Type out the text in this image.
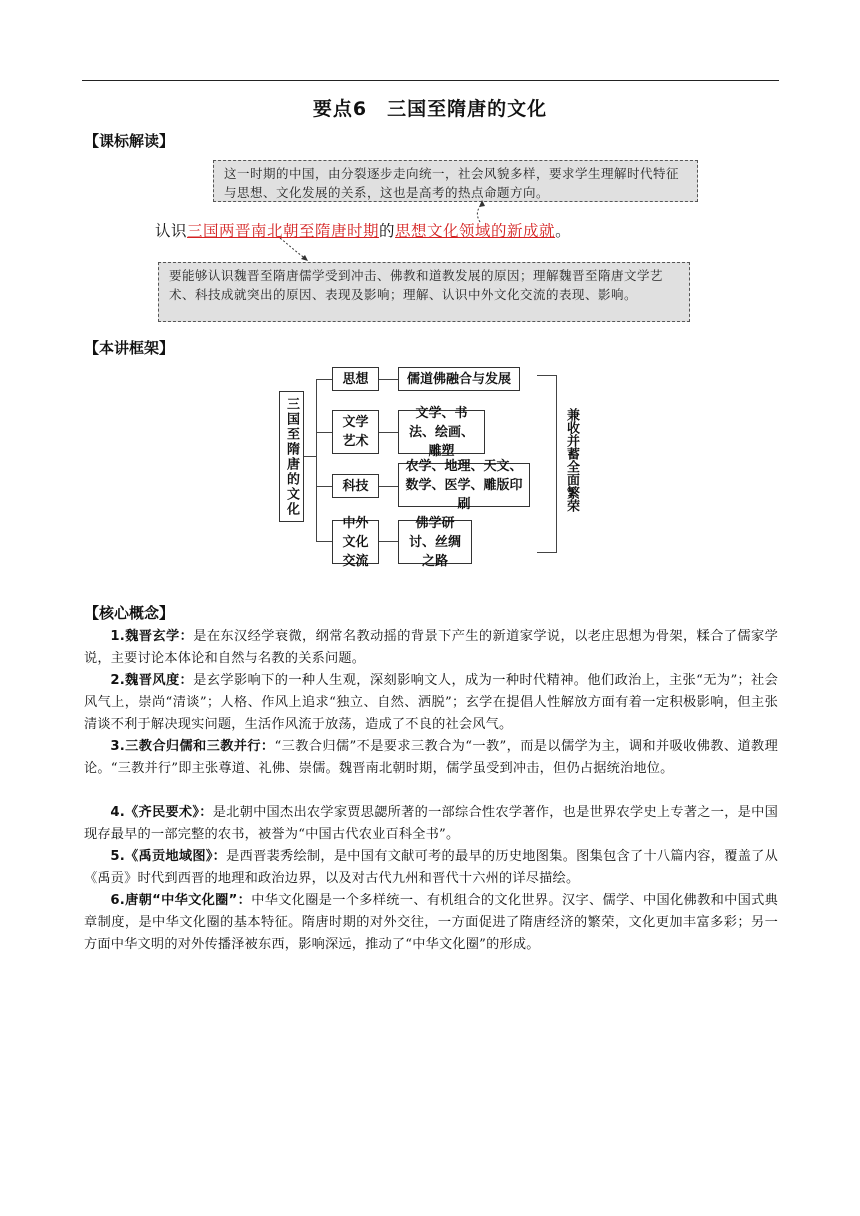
要点6　三国至隋唐的文化
【课标解读】
这一时期的中国，由分裂逐步走向统一，社会风貌多样，要求学生理解时代特征与思想、文化发展的关系，这也是高考的热点命题方向。
认识三国两晋南北朝至隋唐时期的思想文化领域的新成就。
要能够认识魏晋至隋唐儒学受到冲击、佛教和道教发展的原因；理解魏晋至隋唐文学艺术、科技成就突出的原因、表现及影响；理解、认识中外文化交流的表现、影响。
【本讲框架】
三国至隋唐的文化
思想
文学艺术
科技
中外文化交流
儒道佛融合与发展
文学、书法、绘画、雕塑
农学、地理、天文、数学、医学、雕版印刷
佛学研讨、丝绸之路
兼收并蓄全面繁荣
【核心概念】
1.魏晋玄学：是在东汉经学衰微，纲常名教动摇的背景下产生的新道家学说，以老庄思想为骨架，糅合了儒家学说，主要讨论本体论和自然与名教的关系问题。
2.魏晋风度：是玄学影响下的一种人生观，深刻影响文人，成为一种时代精神。他们政治上，主张“无为”；社会风气上，崇尚“清谈”；人格、作风上追求“独立、自然、洒脱”；玄学在提倡人性解放方面有着一定积极影响，但主张清谈不利于解决现实问题，生活作风流于放荡，造成了不良的社会风气。
3.三教合归儒和三教并行：“三教合归儒”不是要求三教合为“一教”，而是以儒学为主，调和并吸收佛教、道教理论。“三教并行”即主张尊道、礼佛、崇儒。魏晋南北朝时期，儒学虽受到冲击，但仍占据统治地位。
4.《齐民要术》：是北朝中国杰出农学家贾思勰所著的一部综合性农学著作，也是世界农学史上专著之一，是中国现存最早的一部完整的农书，被誉为“中国古代农业百科全书”。
5.《禹贡地域图》：是西晋裴秀绘制，是中国有文献可考的最早的历史地图集。图集包含了十八篇内容，覆盖了从《禹贡》时代到西晋的地理和政治边界，以及对古代九州和晋代十六州的详尽描绘。
6.唐朝“中华文化圈”：中华文化圈是一个多样统一、有机组合的文化世界。汉字、儒学、中国化佛教和中国式典章制度，是中华文化圈的基本特征。隋唐时期的对外交往，一方面促进了隋唐经济的繁荣，文化更加丰富多彩；另一方面中华文明的对外传播泽被东西，影响深远，推动了“中华文化圈”的形成。
